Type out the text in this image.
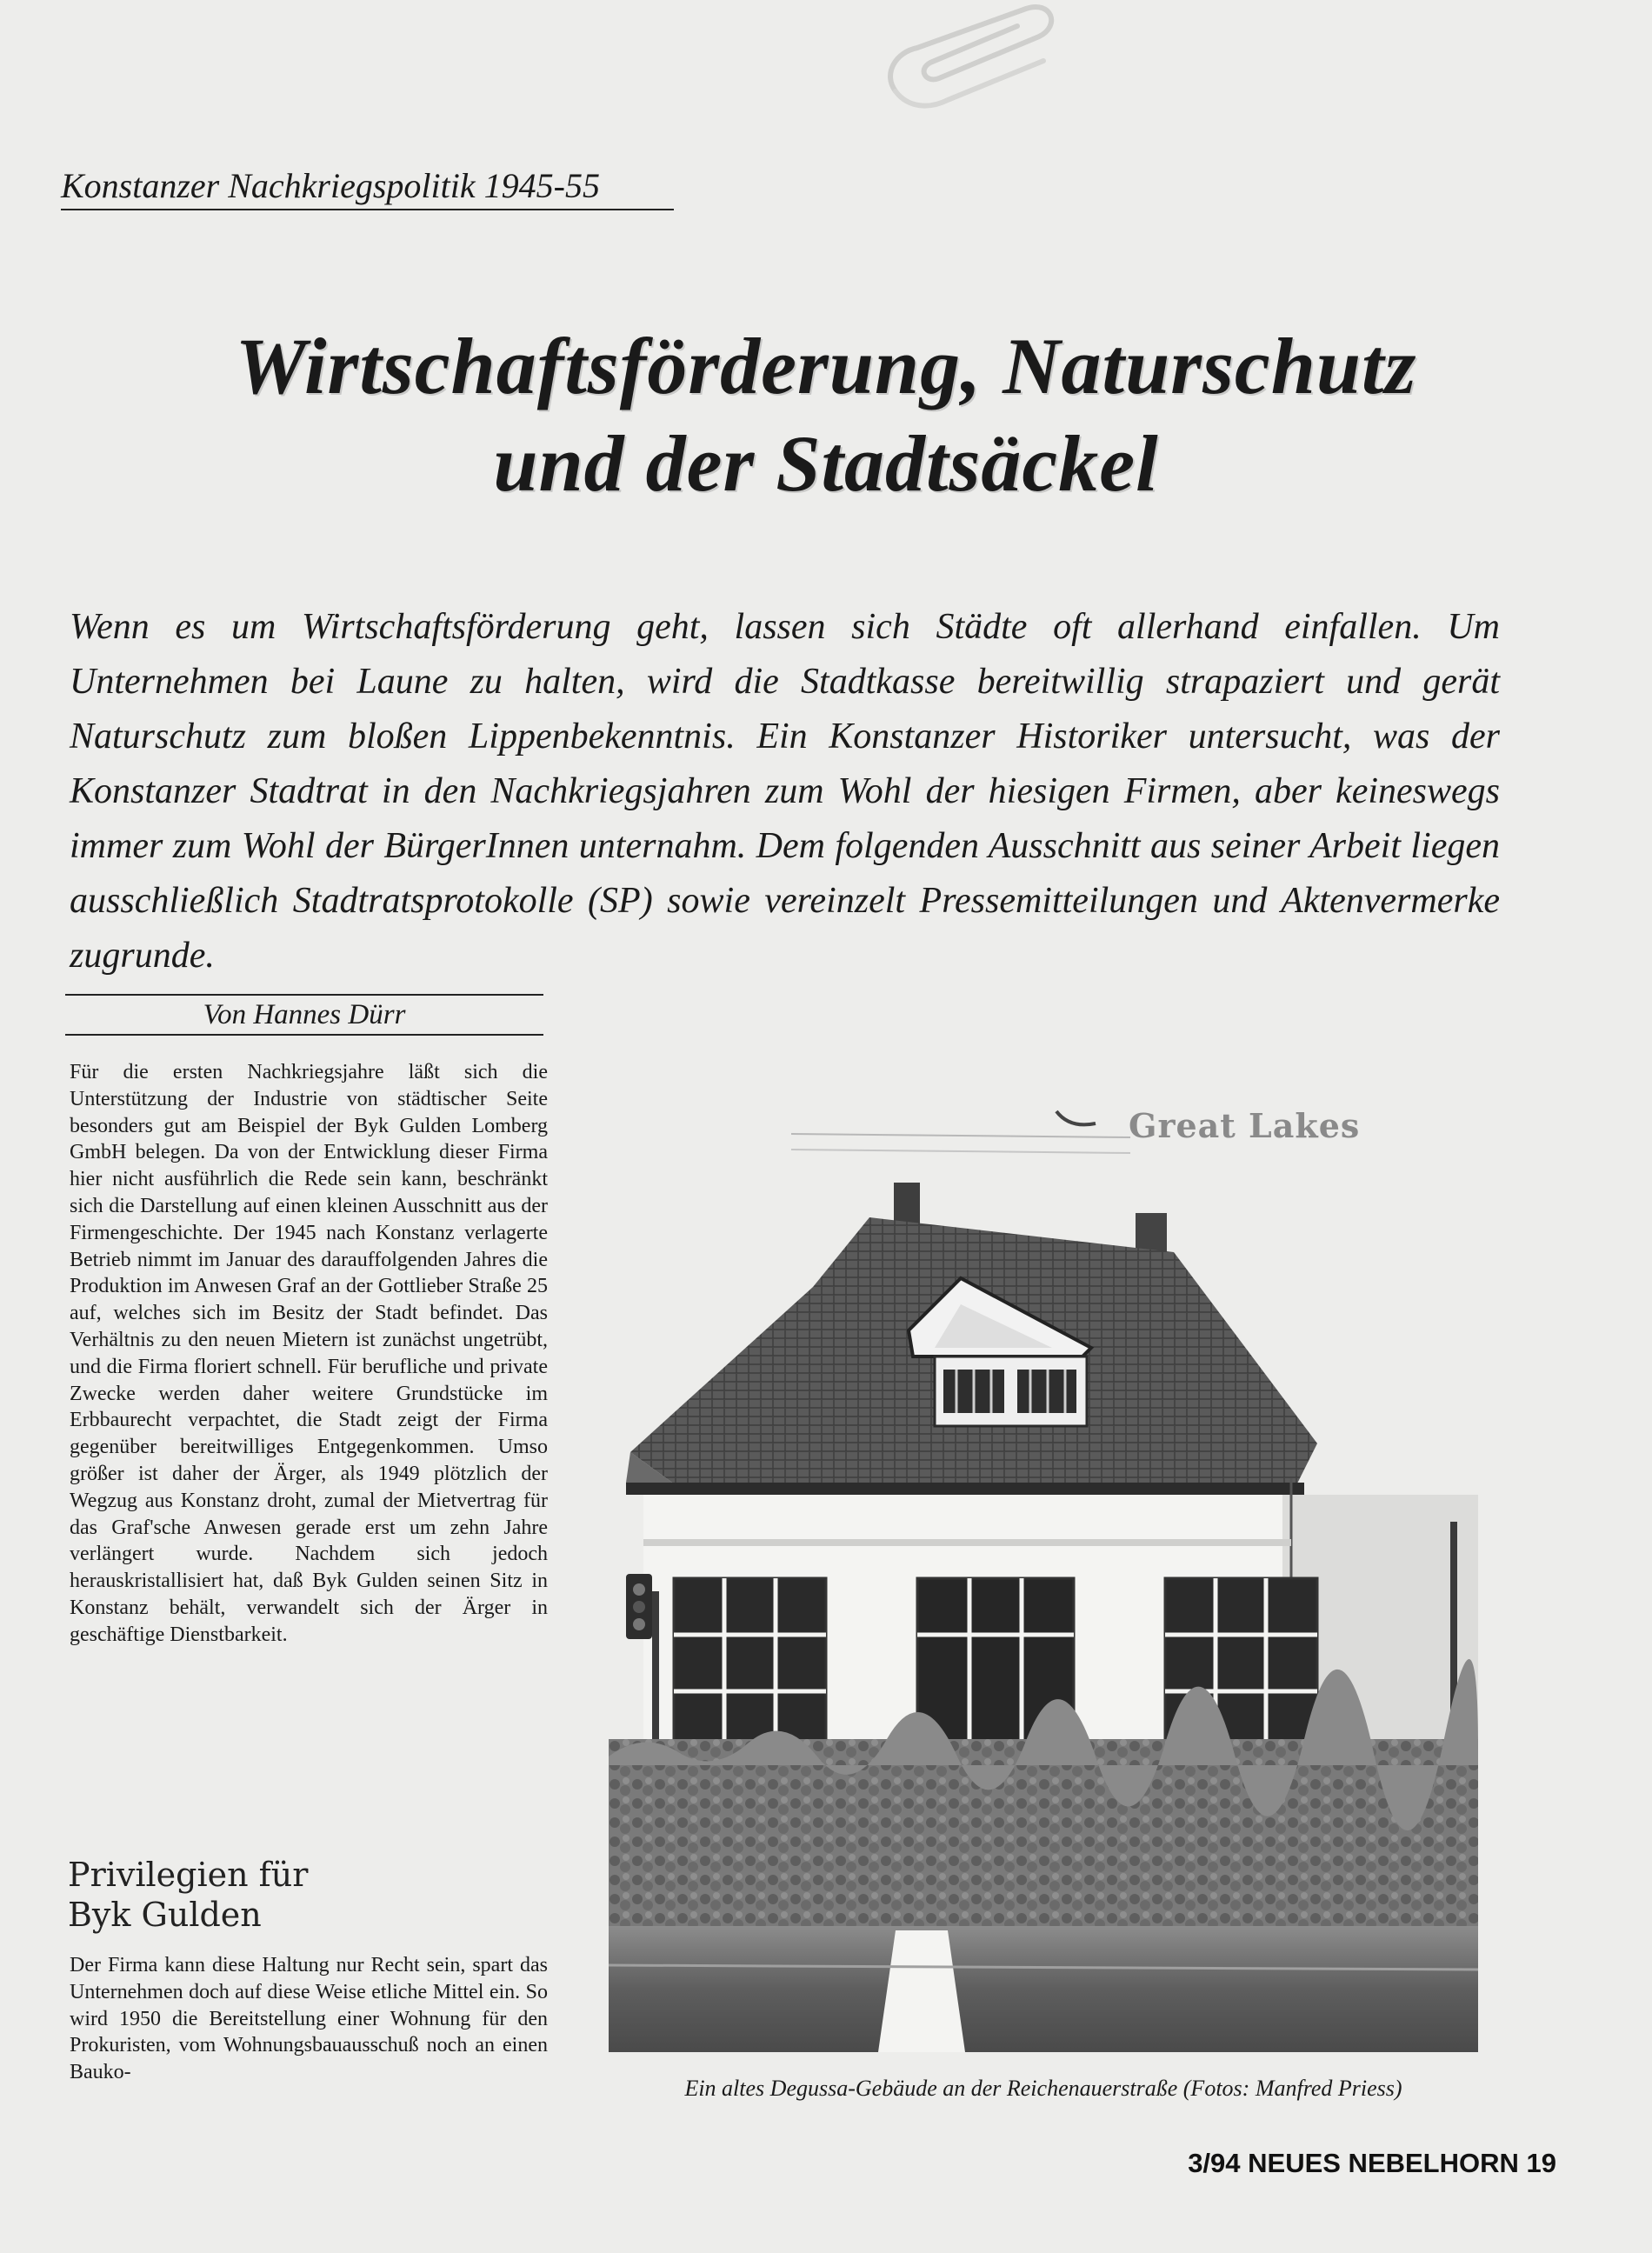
Konstanzer Nachkriegspolitik 1945-55
Wirtschaftsförderung, Naturschutz
und der Stadtsäckel
Wenn es um Wirtschaftsförderung geht, lassen sich Städte oft allerhand einfallen. Um Unternehmen bei Laune zu halten, wird die Stadtkasse bereitwillig strapaziert und gerät Naturschutz zum bloßen Lippenbekenntnis. Ein Konstanzer Historiker untersucht, was der Konstanzer Stadtrat in den Nachkriegsjahren zum Wohl der hiesigen Firmen, aber keineswegs immer zum Wohl der BürgerInnen unternahm. Dem folgenden Ausschnitt aus seiner Arbeit liegen ausschließlich Stadtratsprotokolle (SP) sowie vereinzelt Pressemitteilungen und Aktenvermerke zugrunde.
Von Hannes Dürr
Für die ersten Nachkriegsjahre läßt sich die Unterstützung der Industrie von städtischer Seite besonders gut am Beispiel der Byk Gulden Lomberg GmbH belegen. Da von der Entwicklung dieser Firma hier nicht ausführlich die Rede sein kann, beschränkt sich die Darstellung auf einen kleinen Ausschnitt aus der Firmengeschichte. Der 1945 nach Konstanz verlagerte Betrieb nimmt im Januar des darauffolgenden Jahres die Produktion im Anwesen Graf an der Gottlieber Straße 25 auf, welches sich im Besitz der Stadt befindet. Das Verhältnis zu den neuen Mietern ist zunächst ungetrübt, und die Firma floriert schnell. Für berufliche und private Zwecke werden daher weitere Grundstücke im Erbbaurecht verpachtet, die Stadt zeigt der Firma gegenüber bereitwilliges Entgegenkommen. Umso größer ist daher der Ärger, als 1949 plötzlich der Wegzug aus Konstanz droht, zumal der Mietvertrag für das Graf'sche Anwesen gerade erst um zehn Jahre verlängert wurde. Nachdem sich jedoch herauskristallisiert hat, daß Byk Gulden seinen Sitz in Konstanz behält, verwandelt sich der Ärger in geschäftige Dienstbarkeit.
Privilegien für
Byk Gulden
Der Firma kann diese Haltung nur Recht sein, spart das Unternehmen doch auf diese Weise etliche Mittel ein. So wird 1950 die Bereitstellung einer Wohnung für den Prokuristen, vom Wohnungsbauausschuß noch an einen Bauko-
Great Lakes
Ein altes Degussa-Gebäude an der Reichenauerstraße (Fotos: Manfred Priess)
3/94 NEUES NEBELHORN 19
